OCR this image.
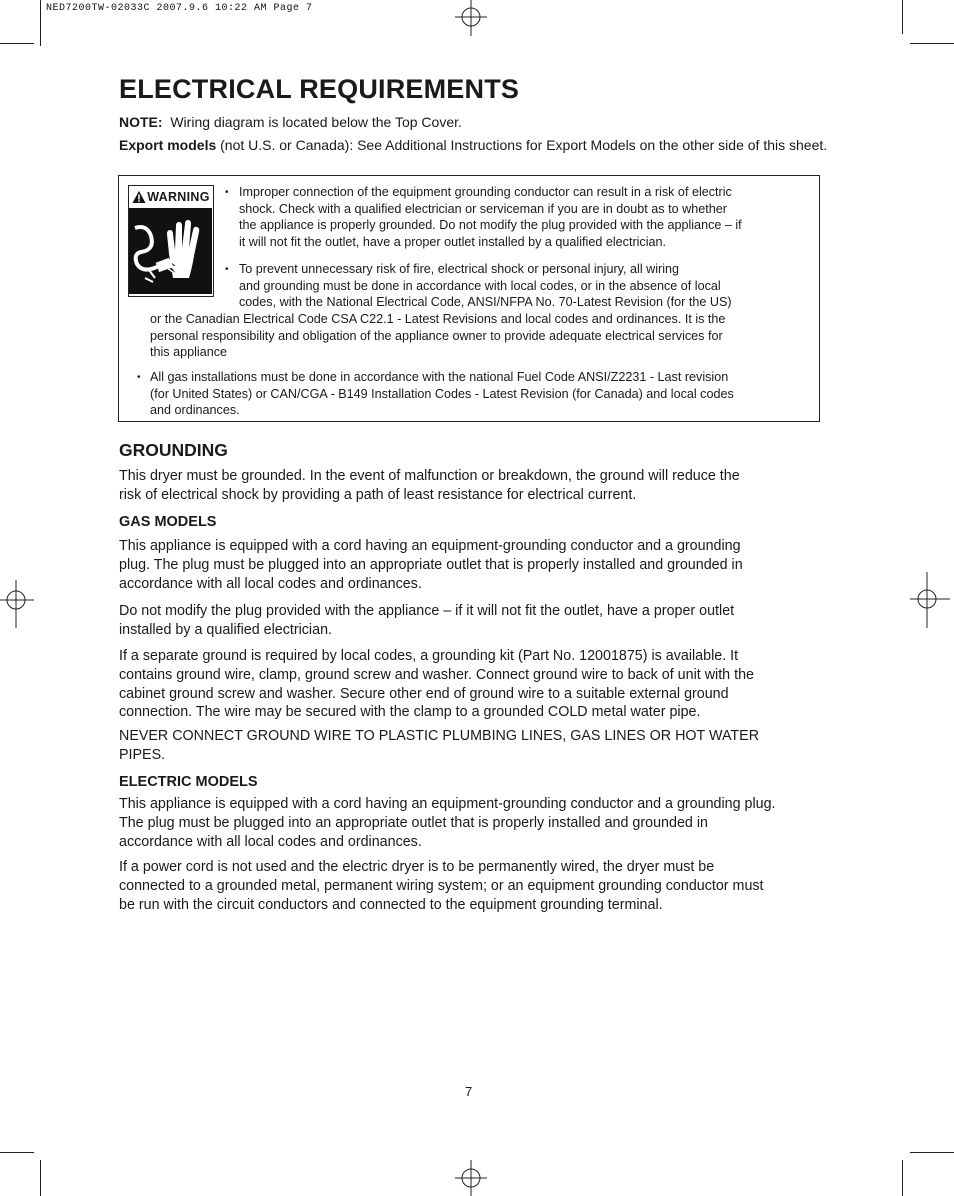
NED7200TW-02033C 2007.9.6 10:22 AM Page 7
ELECTRICAL REQUIREMENTS

NOTE: Wiring diagram is located below the Top Cover.

Export models (not U.S. or Canada): See Additional Instructions for Export Models on the other side of this sheet.

WARNING • Improper connection of the equipment grounding conductor can result in a risk of electric
shock. Check with a qualified electrician or serviceman if you are in doubt as to whether
the appliance is properly grounded. Do not modify the plug provided with the appliance – if
it will not fit the outlet, have a proper outlet installed by a qualified electrician.

• To prevent unnecessary risk of fire, electrical shock or personal injury, all wiring
and grounding must be done in accordance with local codes, or in the absence of local
codes, with the National Electrical Code, ANSI/NFPA No. 70-Latest Revision (for the US)

or the Canadian Electrical Code CSA C22.1 - Latest Revisions and local codes and ordinances. It is the
personal responsibility and obligation of the appliance owner to provide adequate electrical services for
this appliance

• All gas installations must be done in accordance with the national Fuel Code ANSI/Z2231 - Last revision
(for United States) or CAN/CGA - B149 Installation Codes - Latest Revision (for Canada) and local codes
and ordinances.

GROUNDING

This dryer must be grounded. In the event of malfunction or breakdown, the ground will reduce the
risk of electrical shock by providing a path of least resistance for electrical current.

GAS MODELS

This appliance is equipped with a cord having an equipment-grounding conductor and a grounding
plug. The plug must be plugged into an appropriate outlet that is properly installed and grounded in
accordance with all local codes and ordinances.

Do not modify the plug provided with the appliance – if it will not fit the outlet, have a proper outlet
installed by a qualified electrician.

If a separate ground is required by local codes, a grounding kit (Part No. 12001875) is available. It
contains ground wire, clamp, ground screw and washer. Connect ground wire to back of unit with the
cabinet ground screw and washer. Secure other end of ground wire to a suitable external ground
connection. The wire may be secured with the clamp to a grounded COLD metal water pipe.

NEVER CONNECT GROUND WIRE TO PLASTIC PLUMBING LINES, GAS LINES OR HOT WATER
PIPES.

ELECTRIC MODELS

This appliance is equipped with a cord having an equipment-grounding conductor and a grounding plug.
The plug must be plugged into an appropriate outlet that is properly installed and grounded in
accordance with all local codes and ordinances.

If a power cord is not used and the electric dryer is to be permanently wired, the dryer must be
connected to a grounded metal, permanent wiring system; or an equipment grounding conductor must
be run with the circuit conductors and connected to the equipment grounding terminal.

7
